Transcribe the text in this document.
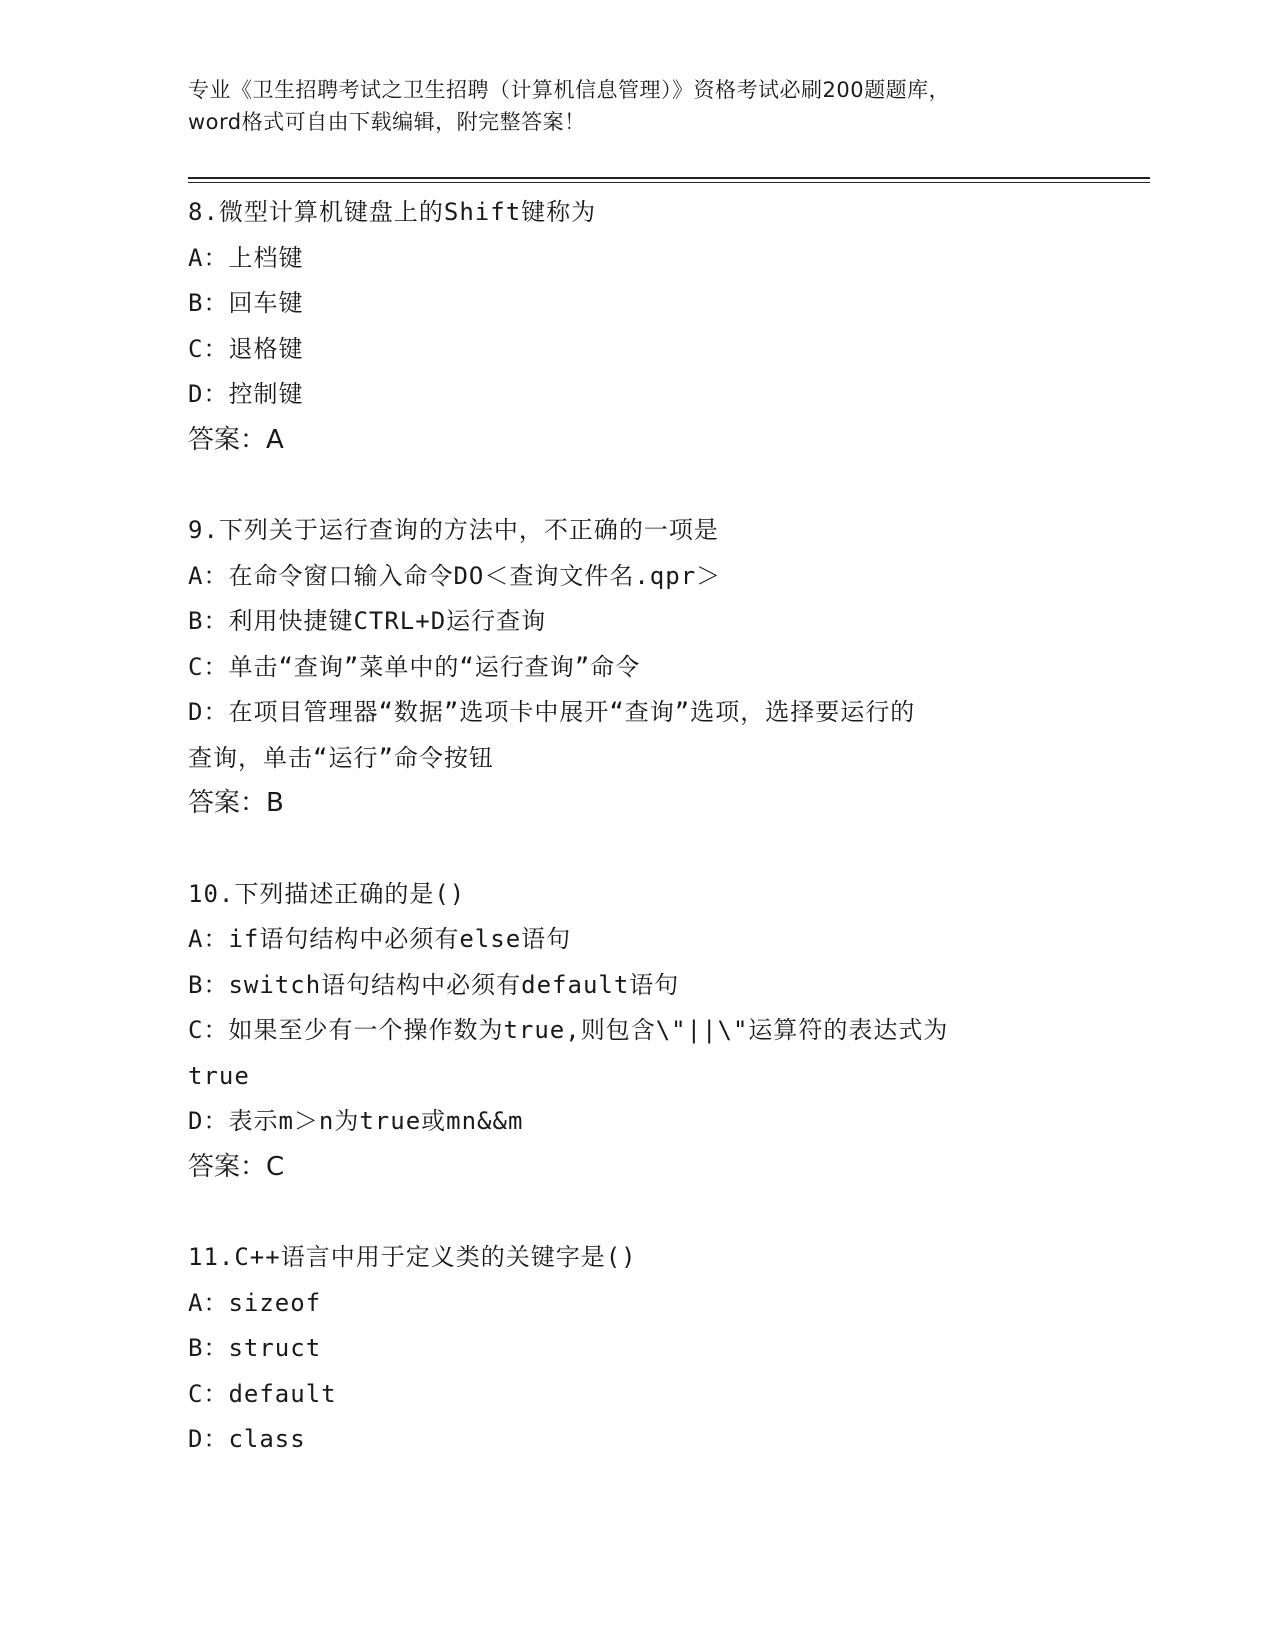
专业《卫生招聘考试之卫生招聘（计算机信息管理）》资格考试必刷200题题库，
word格式可自由下载编辑，附完整答案！
8.微型计算机键盘上的Shift键称为
A：上档键
B：回车键
C：退格键
D：控制键
答案：A
9.下列关于运行查询的方法中，不正确的一项是
A：在命令窗口输入命令DO＜查询文件名.qpr＞
B：利用快捷键CTRL+D运行查询
C：单击“查询”菜单中的“运行查询”命令
D：在项目管理器“数据”选项卡中展开“查询”选项，选择要运行的
查询，单击“运行”命令按钮
答案：B
10.下列描述正确的是()
A：if语句结构中必须有else语句
B：switch语句结构中必须有default语句
C：如果至少有一个操作数为true,则包含\"||\"运算符的表达式为
true
D：表示m＞n为true或mn&&m
答案：C
11.C++语言中用于定义类的关键字是()
A：sizeof
B：struct
C：default
D：class
